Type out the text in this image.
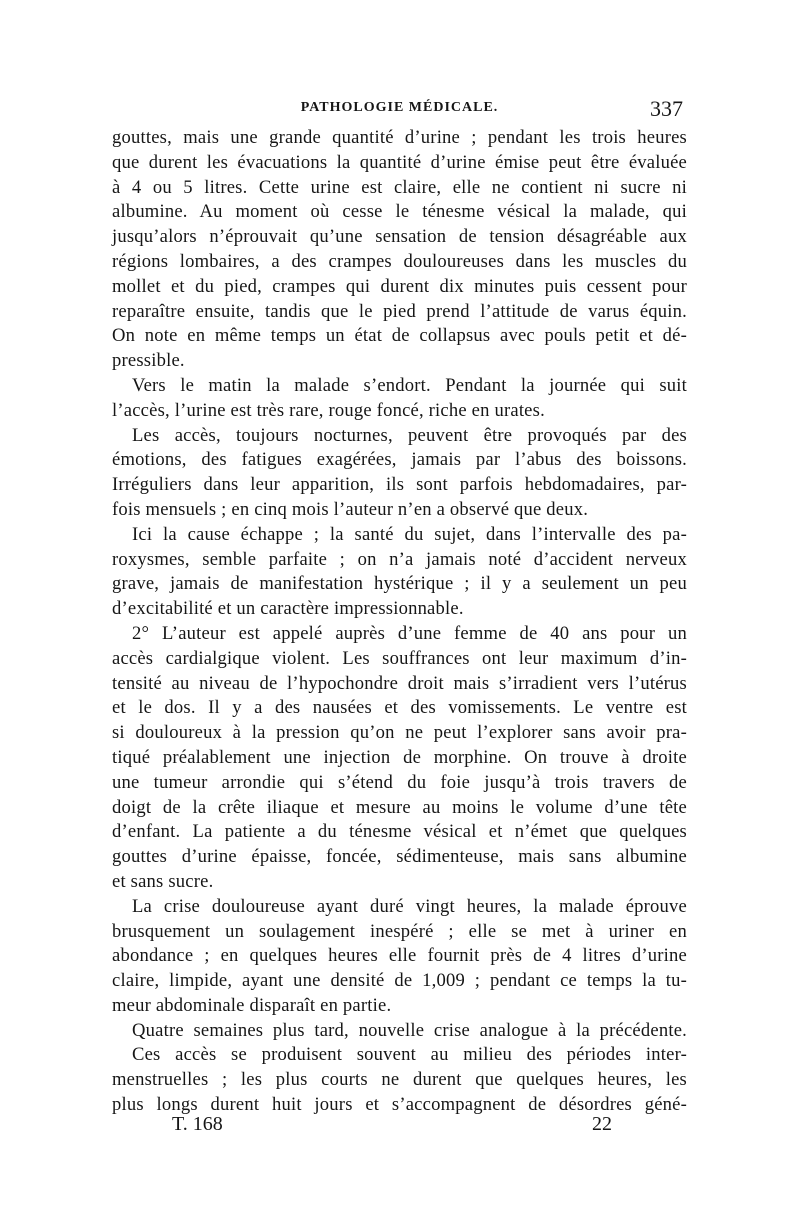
PATHOLOGIE MÉDICALE.	337
gouttes, mais une grande quantité d’urine ; pendant les trois heures
que durent les évacuations la quantité d’urine émise peut être évaluée
à 4 ou 5 litres. Cette urine est claire, elle ne contient ni sucre ni
albumine. Au moment où cesse le ténesme vésical la malade, qui
jusqu’alors n’éprouvait qu’une sensation de tension désagréable aux
régions lombaires, a des crampes douloureuses dans les muscles du
mollet et du pied, crampes qui durent dix minutes puis cessent pour
reparaître ensuite, tandis que le pied prend l’attitude de varus équin.
On note en même temps un état de collapsus avec pouls petit et dé-
pressible.
Vers le matin la malade s’endort. Pendant la journée qui suit
l’accès, l’urine est très rare, rouge foncé, riche en urates.
Les accès, toujours nocturnes, peuvent être provoqués par des
émotions, des fatigues exagérées, jamais par l’abus des boissons.
Irréguliers dans leur apparition, ils sont parfois hebdomadaires, par-
fois mensuels ; en cinq mois l’auteur n’en a observé que deux.
Ici la cause échappe ; la santé du sujet, dans l’intervalle des pa-
roxysmes, semble parfaite ; on n’a jamais noté d’accident nerveux
grave, jamais de manifestation hystérique ; il y a seulement un peu
d’excitabilité et un caractère impressionnable.
2° L’auteur est appelé auprès d’une femme de 40 ans pour un
accès cardialgique violent. Les souffrances ont leur maximum d’in-
tensité au niveau de l’hypochondre droit mais s’irradient vers l’utérus
et le dos. Il y a des nausées et des vomissements. Le ventre est
si douloureux à la pression qu’on ne peut l’explorer sans avoir pra-
tiqué préalablement une injection de morphine. On trouve à droite
une tumeur arrondie qui s’étend du foie jusqu’à trois travers de
doigt de la crête iliaque et mesure au moins le volume d’une tête
d’enfant. La patiente a du ténesme vésical et n’émet que quelques
gouttes d’urine épaisse, foncée, sédimenteuse, mais sans albumine
et sans sucre.
La crise douloureuse ayant duré vingt heures, la malade éprouve
brusquement un soulagement inespéré ; elle se met à uriner en
abondance ; en quelques heures elle fournit près de 4 litres d’urine
claire, limpide, ayant une densité de 1,009 ; pendant ce temps la tu-
meur abdominale disparaît en partie.
Quatre semaines plus tard, nouvelle crise analogue à la précédente.
Ces accès se produisent souvent au milieu des périodes inter-
menstruelles ; les plus courts ne durent que quelques heures, les
plus longs durent huit jours et s’accompagnent de désordres géné-
T. 168	22
